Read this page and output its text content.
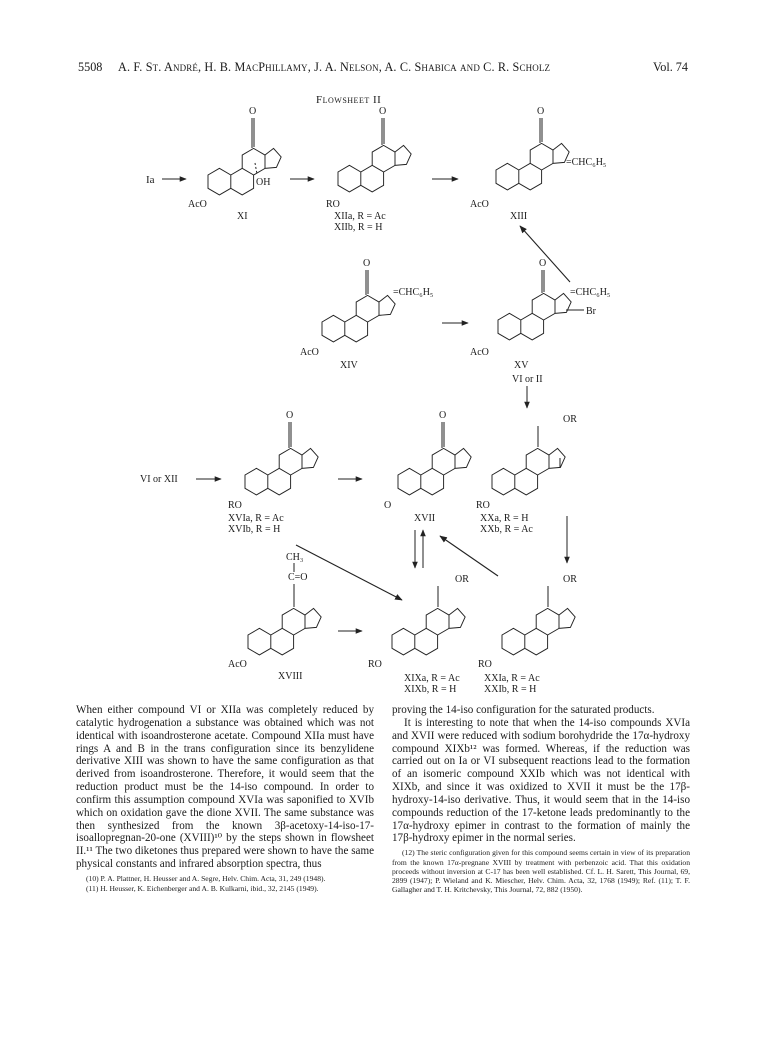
5508 A. F. St. André, H. B. MacPhillamy, J. A. Nelson, A. C. Shabica and C. R. Scholz	Vol. 74
Flowsheet II
Ia
O
OH
AcO
XI
O
RO
XIIa, R = Ac
XIIb, R = H
O
=CHC₆H₅
AcO
XIII
O
=CHC₆H₅
AcO
XIV
O
=CHC₆H₅
Br
AcO
XV
VI or II
VI or XII
O
RO
XVIa, R = Ac
XVIb, R = H
O
O
XVII
OR
RO
XXa, R = H
XXb, R = Ac
C=O
CH₃
AcO
XVIII
OR
RO
XIXa, R = Ac
XIXb, R = H
OR
RO
XXIa, R = Ac
XXIb, R = H

When either compound VI or XIIa was completely reduced by catalytic hydrogenation a substance was obtained which was not identical with isoandrosterone acetate. Compound XIIa must have rings A and B in the trans configuration since its benzylidene derivative XIII was shown to have the same configuration as that derived from isoandrosterone. Therefore, it would seem that the reduction product must be the 14-iso compound. In order to confirm this assumption compound XVIa was saponified to XVIb which on oxidation gave the dione XVII. The same substance was then synthesized from the known 3β-acetoxy-14-iso-17-isoallopregnan-20-one (XVIII)¹⁰ by the steps shown in flowsheet II.¹¹ The two diketones thus prepared were shown to have the same physical constants and infrared absorption spectra, thus

(10) P. A. Plattner, H. Heusser and A. Segre, Helv. Chim. Acta, 31, 249 (1948).

(11) H. Heusser, K. Eichenberger and A. B. Kulkarni, ibid., 32, 2145 (1949).

proving the 14-iso configuration for the saturated products.

It is interesting to note that when the 14-iso compounds XVIa and XVII were reduced with sodium borohydride the 17α-hydroxy compound XIXb¹² was formed. Whereas, if the reduction was carried out on Ia or VI subsequent reactions lead to the formation of an isomeric compound XXIb which was not identical with XIXb, and since it was oxidized to XVII it must be the 17β-hydroxy-14-iso derivative. Thus, it would seem that in the 14-iso compounds reduction of the 17-ketone leads predominantly to the 17α-hydroxy epimer in contrast to the formation of mainly the 17β-hydroxy epimer in the normal series.

(12) The steric configuration given for this compound seems certain in view of its preparation from the known 17α-pregnane XVIII by treatment with perbenzoic acid. That this oxidation proceeds without inversion at C-17 has been well established. Cf. L. H. Sarett, This Journal, 69, 2899 (1947); P. Wieland and K. Miescher, Helv. Chim. Acta, 32, 1768 (1949); Ref. (11); T. F. Gallagher and T. H. Kritchevsky, This Journal, 72, 882 (1950).
